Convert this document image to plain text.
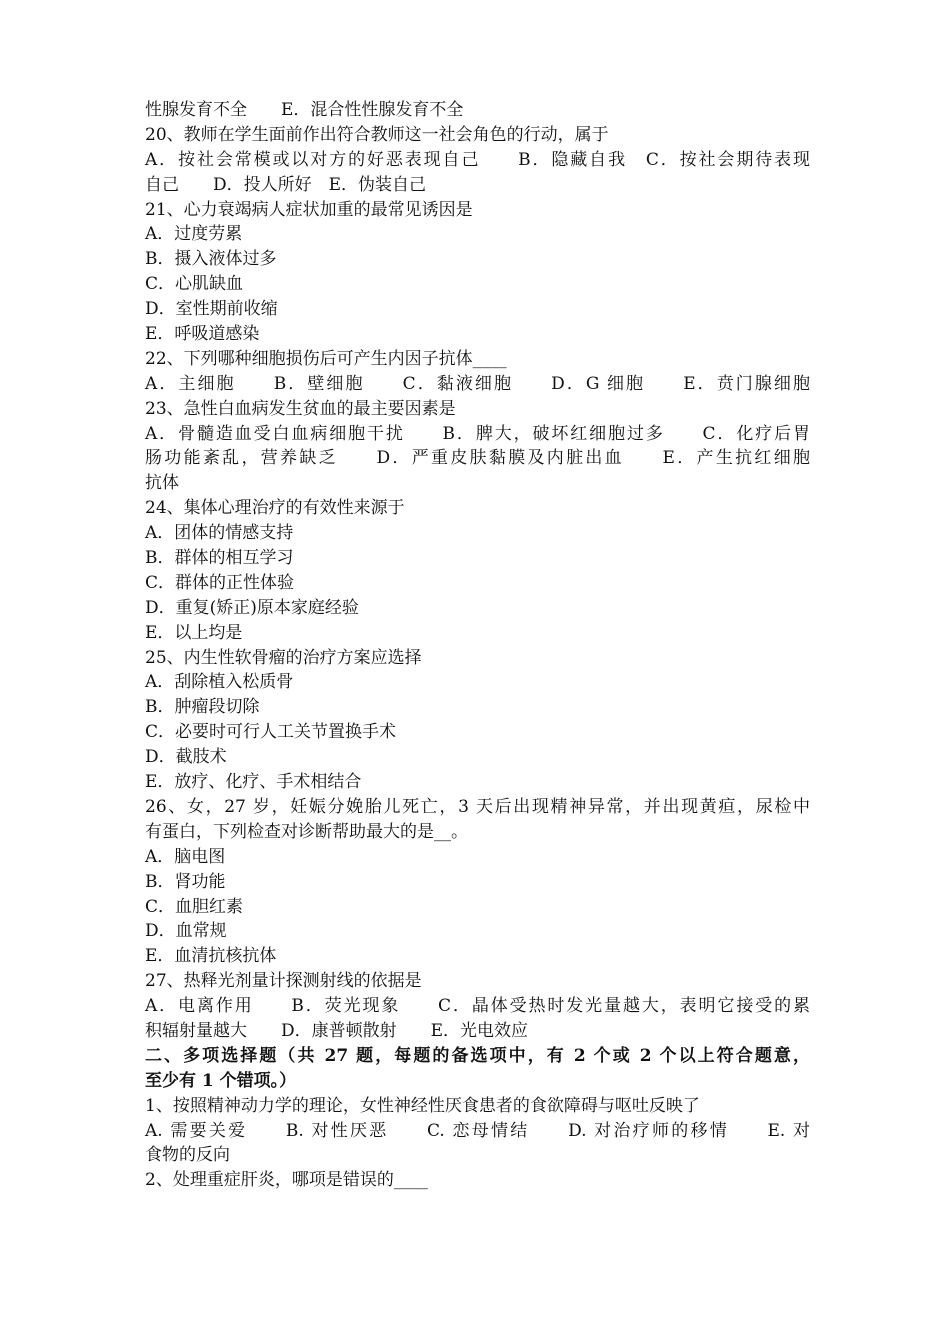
性腺发育不全　　E．混合性性腺发育不全
20、教师在学生面前作出符合教师这一社会角色的行动，属于
A．按社会常模或以对方的好恶表现自己　　B．隐藏自我　C．按社会期待表现
自己　　D．投人所好　E．伪装自己
21、心力衰竭病人症状加重的最常见诱因是
A．过度劳累
B．摄入液体过多
C．心肌缺血
D．室性期前收缩
E．呼吸道感染
22、下列哪种细胞损伤后可产生内因子抗体____
A．主细胞　　B．壁细胞　　C．黏液细胞　　D．G 细胞　　E．贲门腺细胞
23、急性白血病发生贫血的最主要因素是
A．骨髓造血受白血病细胞干扰　　B．脾大，破坏红细胞过多　　C．化疗后胃
肠功能紊乱，营养缺乏　　D．严重皮肤黏膜及内脏出血　　E．产生抗红细胞
抗体
24、集体心理治疗的有效性来源于
A．团体的情感支持
B．群体的相互学习
C．群体的正性体验
D．重复(矫正)原本家庭经验
E．以上均是
25、内生性软骨瘤的治疗方案应选择
A．刮除植入松质骨
B．肿瘤段切除
C．必要时可行人工关节置换手术
D．截肢术
E．放疗、化疗、手术相结合
26、女，27 岁，妊娠分娩胎儿死亡，3 天后出现精神异常，并出现黄疸，尿检中
有蛋白，下列检查对诊断帮助最大的是__。
A．脑电图
B．肾功能
C．血胆红素
D．血常规
E．血清抗核抗体
27、热释光剂量计探测射线的依据是
A．电离作用　　B．荧光现象　　C．晶体受热时发光量越大，表明它接受的累
积辐射量越大　　D．康普顿散射　　E．光电效应
二、多项选择题（共 27 题，每题的备选项中，有 2 个或 2 个以上符合题意，
至少有 1 个错项。）
1、按照精神动力学的理论，女性神经性厌食患者的食欲障碍与呕吐反映了
A. 需要关爱　　B. 对性厌恶　　C. 恋母情结　　D. 对治疗师的移情　　E. 对
食物的反向
2、处理重症肝炎，哪项是错误的____
